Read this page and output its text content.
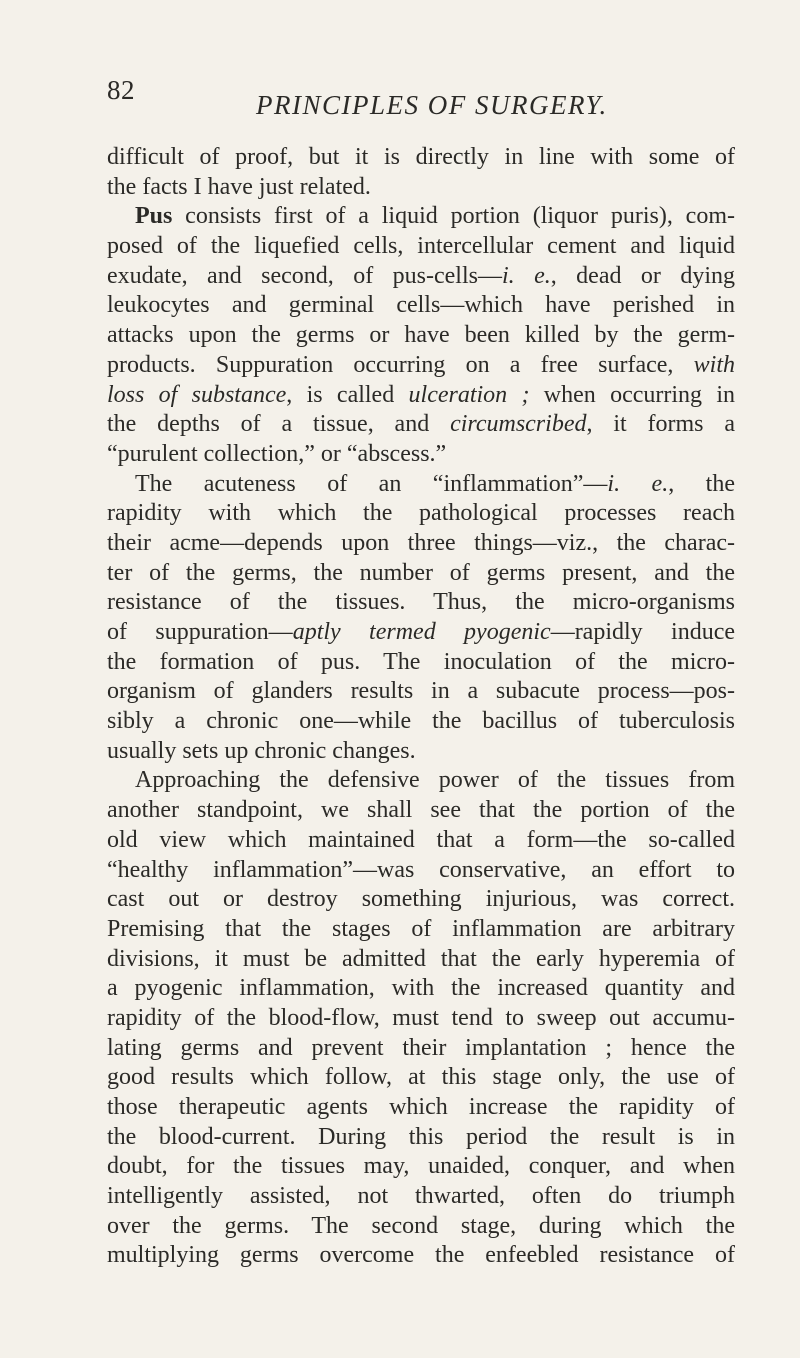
82	PRINCIPLES OF SURGERY.
difficult of proof, but it is directly in line with some of
the facts I have just related.
Pus consists first of a liquid portion (liquor puris), com-
posed of the liquefied cells, intercellular cement and liquid
exudate, and second, of pus-cells—i. e., dead or dying
leukocytes and germinal cells—which have perished in
attacks upon the germs or have been killed by the germ-
products. Suppuration occurring on a free surface, with
loss of substance, is called ulceration ; when occurring in
the depths of a tissue, and circumscribed, it forms a
“purulent collection,” or “abscess.”
The acuteness of an “inflammation”—i. e., the
rapidity with which the pathological processes reach
their acme—depends upon three things—viz., the charac-
ter of the germs, the number of germs present, and the
resistance of the tissues. Thus, the micro-organisms
of suppuration—aptly termed pyogenic—rapidly induce
the formation of pus. The inoculation of the micro-
organism of glanders results in a subacute process—pos-
sibly a chronic one—while the bacillus of tuberculosis
usually sets up chronic changes.
Approaching the defensive power of the tissues from
another standpoint, we shall see that the portion of the
old view which maintained that a form—the so-called
“healthy inflammation”—was conservative, an effort to
cast out or destroy something injurious, was correct.
Premising that the stages of inflammation are arbitrary
divisions, it must be admitted that the early hyperemia of
a pyogenic inflammation, with the increased quantity and
rapidity of the blood-flow, must tend to sweep out accumu-
lating germs and prevent their implantation ; hence the
good results which follow, at this stage only, the use of
those therapeutic agents which increase the rapidity of
the blood-current. During this period the result is in
doubt, for the tissues may, unaided, conquer, and when
intelligently assisted, not thwarted, often do triumph
over the germs. The second stage, during which the
multiplying germs overcome the enfeebled resistance of
